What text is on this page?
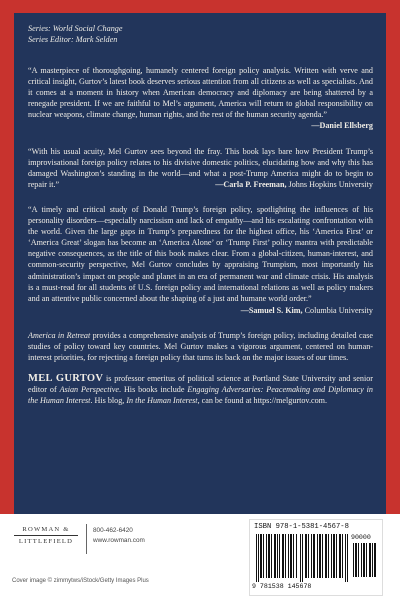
Series: World Social Change
Series Editor: Mark Selden
“A masterpiece of thoroughgoing, humanely centered foreign policy analysis. Written with verve and critical insight, Gurtov’s latest book deserves serious attention from all citizens as well as specialists. And it comes at a moment in history when American democracy and diplomacy are being shattered by a renegade president. If we are faithful to Mel’s argument, America will return to global responsibility on nuclear weapons, climate change, human rights, and the rest of the human security agenda.”
—Daniel Ellsberg
“With his usual acuity, Mel Gurtov sees beyond the fray. This book lays bare how President Trump’s improvisational foreign policy relates to his divisive domestic politics, elucidating how and why this has damaged Washington’s standing in the world—and what a post-Trump America might do to begin to repair it.”	—Carla P. Freeman, Johns Hopkins University
“A timely and critical study of Donald Trump’s foreign policy, spotlighting the influences of his personality disorders—especially narcissism and lack of empathy—and his escalating confrontation with the world. Given the large gaps in Trump’s preparedness for the highest office, his ‘America First’ or ‘America Great’ slogan has become an ‘America Alone’ or ‘Trump First’ policy mantra with predictable negative consequences, as the title of this book makes clear. From a global-citizen, human-interest, and common-security perspective, Mel Gurtov concludes by appraising Trumpism, most importantly his administration’s impact on people and planet in an era of permanent war and climate crisis. His analysis is a must-read for all students of U.S. foreign policy and international relations as well as policy makers and an attentive public concerned about the shaping of a just and humane world order.”
—Samuel S. Kim, Columbia University

America in Retreat provides a comprehensive analysis of Trump’s foreign policy, including detailed case studies of policy toward key countries. Mel Gurtov makes a vigorous argument, centered on human-interest priorities, for rejecting a foreign policy that turns its back on the major issues of our times.

MEL GURTOV is professor emeritus of political science at Portland State University and senior editor of Asian Perspective. His books include Engaging Adversaries: Peacemaking and Diplomacy in the Human Interest. His blog, In the Human Interest, can be found at https://melgurtov.com.

ROWMAN &
LITTLEFIELD
800-462-6420
www.rowman.com
Cover image © zimmytws/iStock/Getty Images Plus
ISBN 978-1-5381-4567-8
90000
9 781538 145678
